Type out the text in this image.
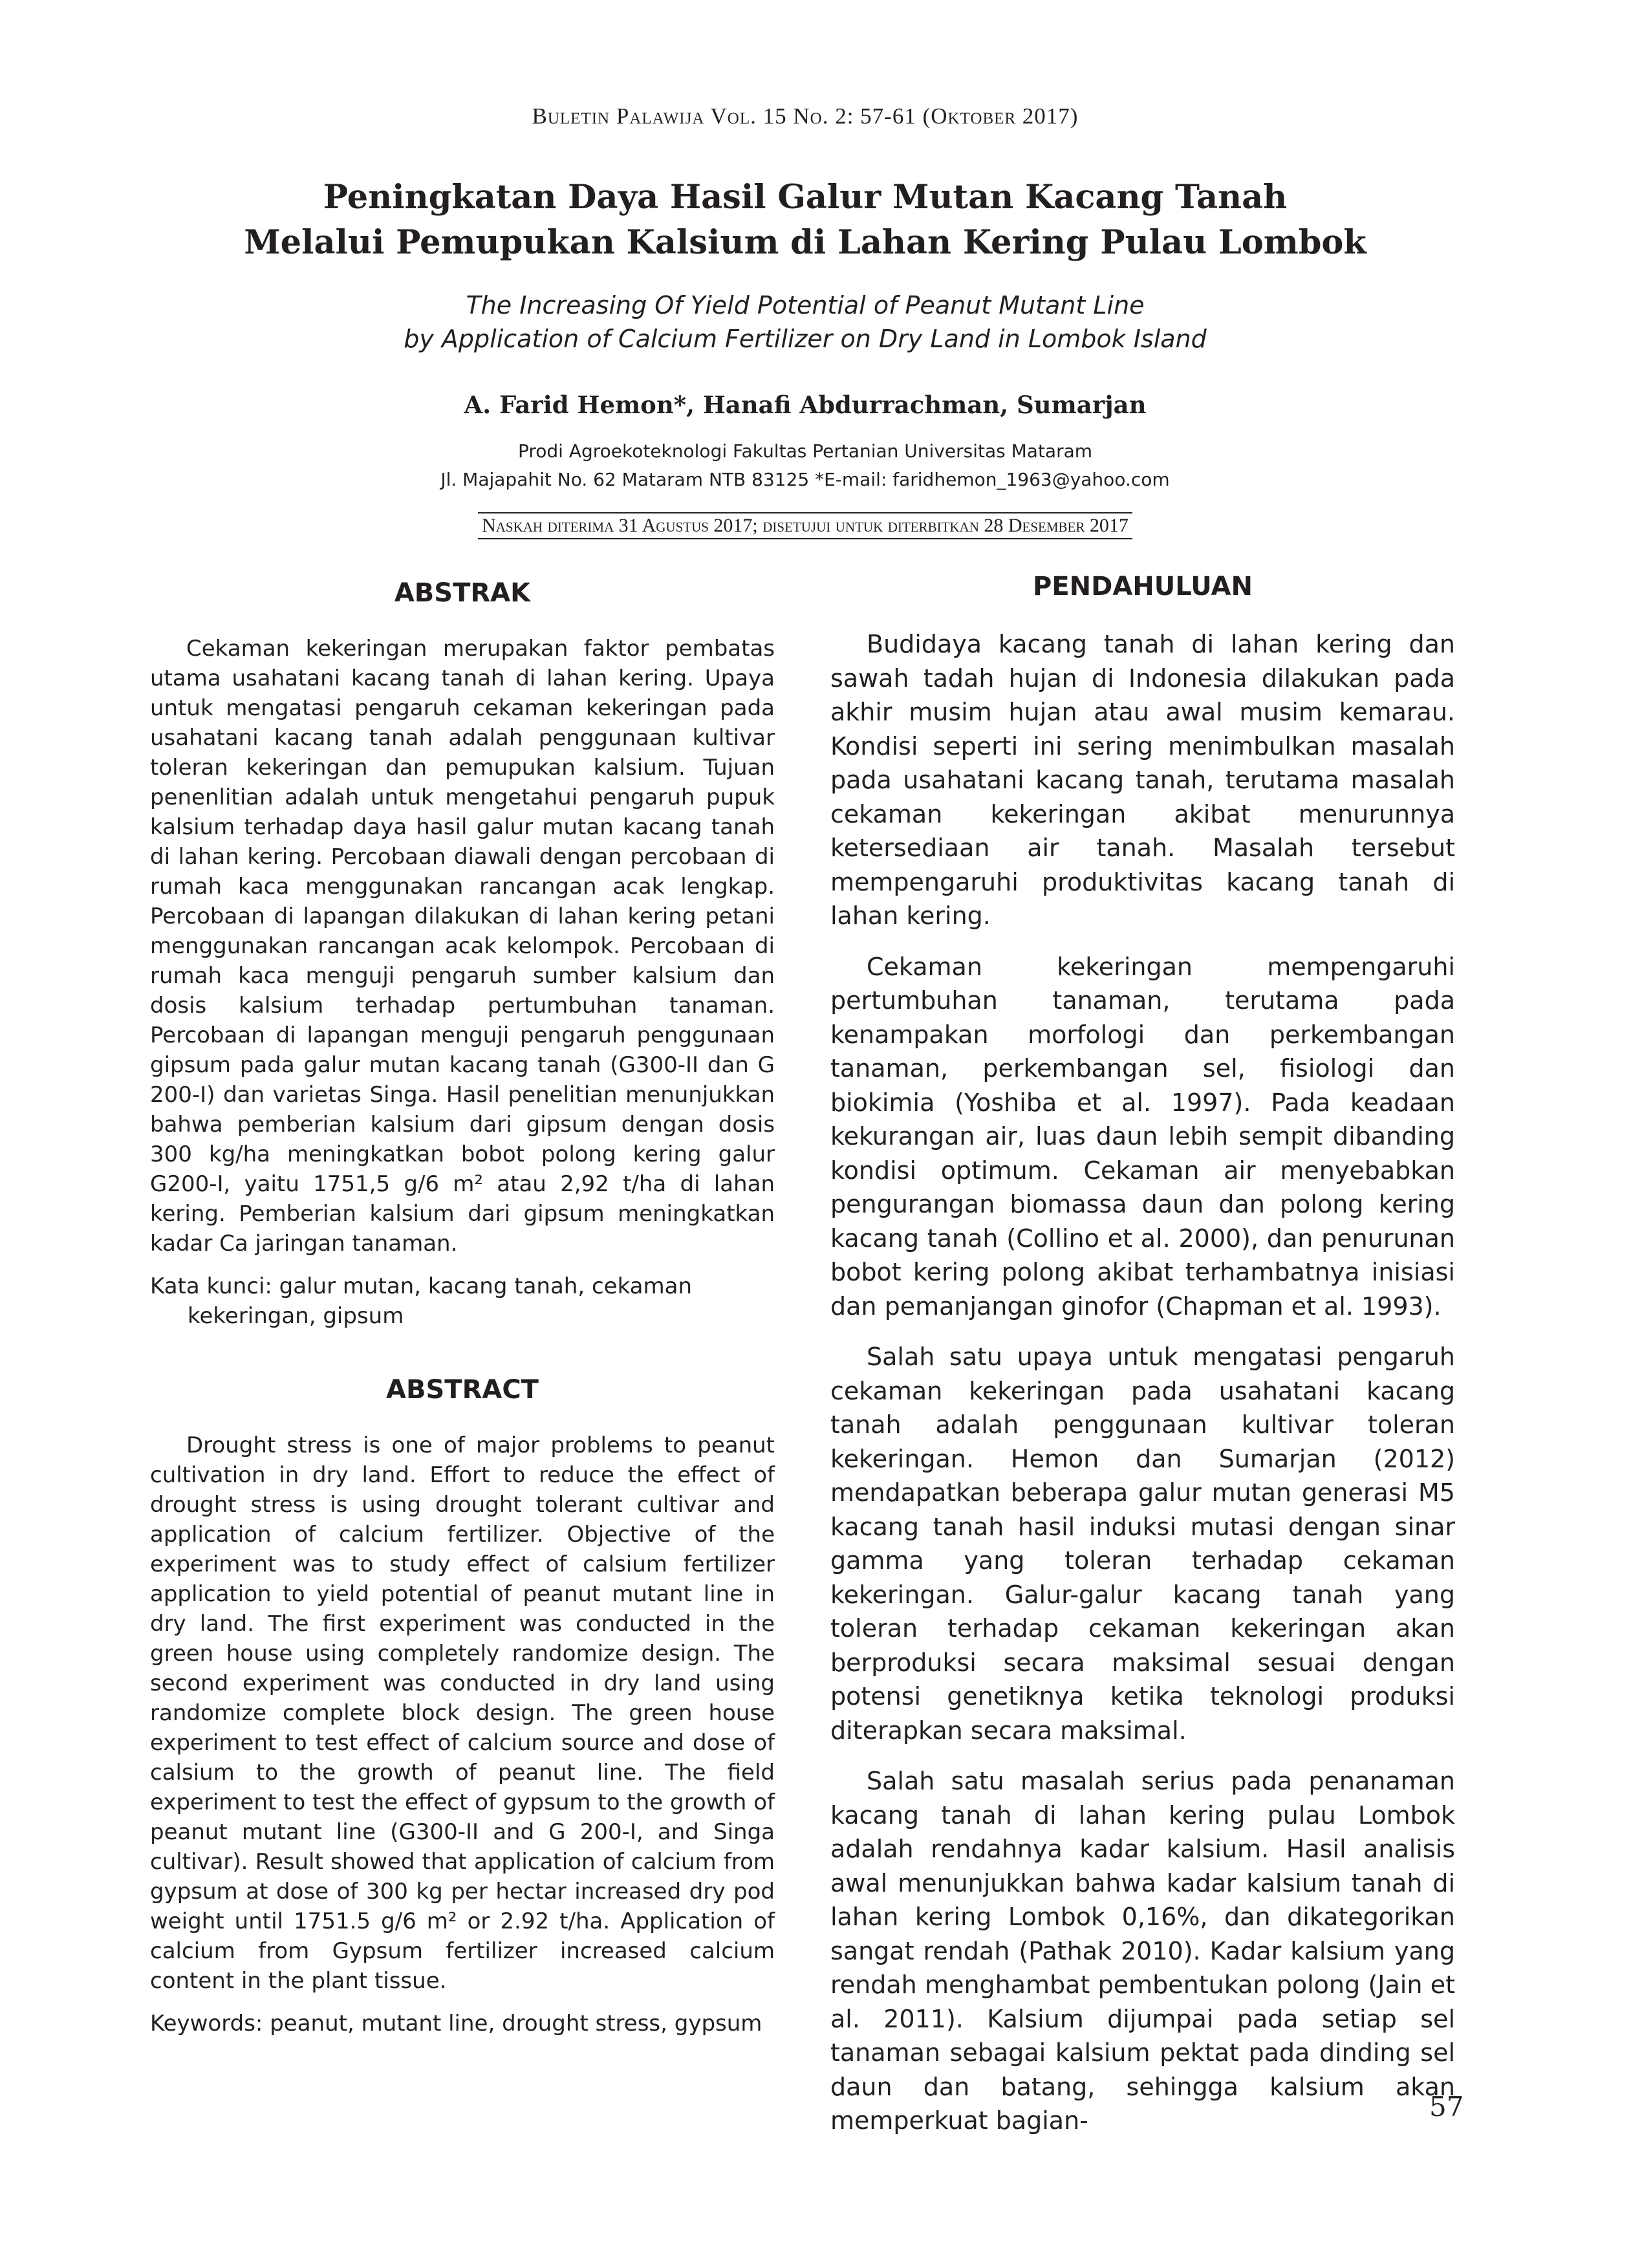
Buletin Palawija Vol. 15 No. 2: 57-61 (Oktober 2017)
Peningkatan Daya Hasil Galur Mutan Kacang Tanah
Melalui Pemupukan Kalsium di Lahan Kering Pulau Lombok
The Increasing Of Yield Potential of Peanut Mutant Line
by Application of Calcium Fertilizer on Dry Land in Lombok Island
A. Farid Hemon*, Hanafi Abdurrachman, Sumarjan
Prodi Agroekoteknologi Fakultas Pertanian Universitas Mataram
Jl. Majapahit No. 62 Mataram NTB 83125 *E-mail: faridhemon_1963@yahoo.com
Naskah diterima 31 Agustus 2017; disetujui untuk diterbitkan 28 Desember 2017
ABSTRAK

Cekaman kekeringan merupakan faktor pembatas utama usahatani kacang tanah di lahan kering. Upaya untuk mengatasi pengaruh cekaman kekeringan pada usahatani kacang tanah adalah penggunaan kultivar toleran kekeringan dan pemupukan kalsium. Tujuan penenlitian adalah untuk mengetahui pengaruh pupuk kalsium terhadap daya hasil galur mutan kacang tanah di lahan kering. Percobaan diawali dengan percobaan di rumah kaca menggunakan rancangan acak lengkap. Percobaan di lapangan dilakukan di lahan kering petani menggunakan rancangan acak kelompok. Percobaan di rumah kaca menguji pengaruh sumber kalsium dan dosis kalsium terhadap pertumbuhan tanaman. Percobaan di lapangan menguji pengaruh penggunaan gipsum pada galur mutan kacang tanah (G300-II dan G 200-I) dan varietas Singa. Hasil penelitian menunjukkan bahwa pemberian kalsium dari gipsum dengan dosis 300 kg/ha meningkatkan bobot polong kering galur G200-I, yaitu 1751,5 g/6 m² atau 2,92 t/ha di lahan kering. Pemberian kalsium dari gipsum meningkatkan kadar Ca jaringan tanaman.

Kata kunci: galur mutan, kacang tanah, cekaman kekeringan, gipsum

ABSTRACT

Drought stress is one of major problems to peanut cultivation in dry land. Effort to reduce the effect of drought stress is using drought tolerant cultivar and application of calcium fertilizer. Objective of the experiment was to study effect of calsium fertilizer application to yield potential of peanut mutant line in dry land. The first experiment was conducted in the green house using completely randomize design. The second experiment was conducted in dry land using randomize complete block design. The green house experiment to test effect of calcium source and dose of calsium to the growth of peanut line. The field experiment to test the effect of gypsum to the growth of peanut mutant line (G300-II and G 200-I, and Singa cultivar). Result showed that application of calcium from gypsum at dose of 300 kg per hectar increased dry pod weight until 1751.5 g/6 m² or 2.92 t/ha. Application of calcium from Gypsum fertilizer increased calcium content in the plant tissue.

Keywords: peanut, mutant line, drought stress, gypsum

PENDAHULUAN

Budidaya kacang tanah di lahan kering dan sawah tadah hujan di Indonesia dilakukan pada akhir musim hujan atau awal musim kemarau. Kondisi seperti ini sering menimbulkan masalah pada usahatani kacang tanah, terutama masalah cekaman kekeringan akibat menurunnya ketersediaan air tanah. Masalah tersebut mempengaruhi produktivitas kacang tanah di lahan kering.

Cekaman kekeringan mempengaruhi pertumbuhan tanaman, terutama pada kenampakan morfologi dan perkembangan tanaman, perkembangan sel, fisiologi dan biokimia (Yoshiba et al. 1997). Pada keadaan kekurangan air, luas daun lebih sempit dibanding kondisi optimum. Cekaman air menyebabkan pengurangan biomassa daun dan polong kering kacang tanah (Collino et al. 2000), dan penurunan bobot kering polong akibat terhambatnya inisiasi dan pemanjangan ginofor (Chapman et al. 1993).

Salah satu upaya untuk mengatasi pengaruh cekaman kekeringan pada usahatani kacang tanah adalah penggunaan kultivar toleran kekeringan. Hemon dan Sumarjan (2012) mendapatkan beberapa galur mutan generasi M5 kacang tanah hasil induksi mutasi dengan sinar gamma yang toleran terhadap cekaman kekeringan. Galur-galur kacang tanah yang toleran terhadap cekaman kekeringan akan berproduksi secara maksimal sesuai dengan potensi genetiknya ketika teknologi produksi diterapkan secara maksimal.

Salah satu masalah serius pada penanaman kacang tanah di lahan kering pulau Lombok adalah rendahnya kadar kalsium. Hasil analisis awal menunjukkan bahwa kadar kalsium tanah di lahan kering Lombok 0,16%, dan dikategorikan sangat rendah (Pathak 2010). Kadar kalsium yang rendah menghambat pembentukan polong (Jain et al. 2011). Kalsium dijumpai pada setiap sel tanaman sebagai kalsium pektat pada dinding sel daun dan batang, sehingga kalsium akan memperkuat bagian-	57
